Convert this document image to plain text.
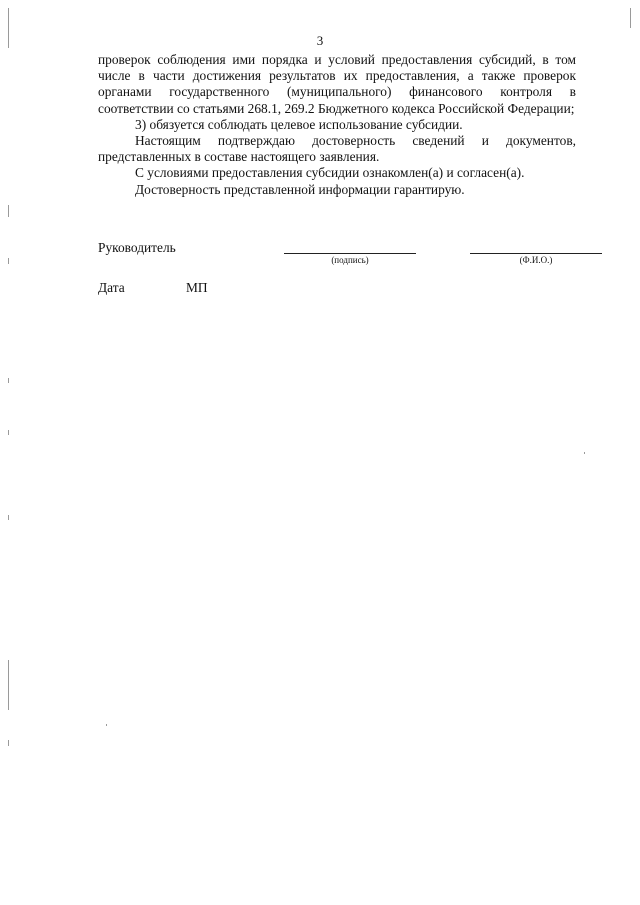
3

проверок соблюдения ими порядка и условий предоставления субсидий, в том числе в части достижения результатов их предоставления, а также проверок органами государственного (муниципального) финансового контроля в соответствии со статьями 268.1, 269.2 Бюджетного кодекса Российской Федерации;

3) обязуется соблюдать целевое использование субсидии.

Настоящим подтверждаю достоверность сведений и документов, представленных в составе настоящего заявления.

С условиями предоставления субсидии ознакомлен(а) и согласен(а).

Достоверность представленной информации гарантирую.

Руководитель
(подпись)	(Ф.И.О.)
Дата	МП
